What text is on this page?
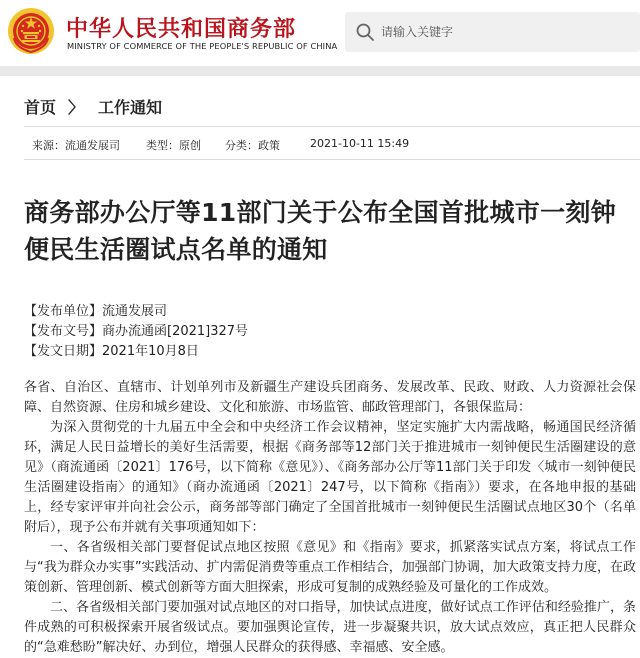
中华人民共和国商务部
MINISTRY OF COMMERCE OF THE PEOPLE'S REPUBLIC OF CHINA
请输入关键字
首页 〉 工作通知
来源：流通发展司 类型：原创 分类：政策	2021-10-11 15:49
商务部办公厅等11部门关于公布全国首批城市一刻钟便民生活圈试点名单的通知
【发布单位】流通发展司
【发布文号】商办流通函[2021]327号
【发文日期】2021年10月8日

各省、自治区、直辖市、计划单列市及新疆生产建设兵团商务、发展改革、民政、财政、人力资源社会保障、自然资源、住房和城乡建设、文化和旅游、市场监管、邮政管理部门，各银保监局：

为深入贯彻党的十九届五中全会和中央经济工作会议精神，坚定实施扩大内需战略，畅通国民经济循环，满足人民日益增长的美好生活需要，根据《商务部等12部门关于推进城市一刻钟便民生活圈建设的意见》（商流通函〔2021〕176号，以下简称《意见》）、《商务部办公厅等11部门关于印发〈城市一刻钟便民生活圈建设指南〉的通知》（商办流通函〔2021〕247号，以下简称《指南》）要求，在各地申报的基础上，经专家评审并向社会公示，商务部等部门确定了全国首批城市一刻钟便民生活圈试点地区30个（名单附后），现予公布并就有关事项通知如下：

一、各省级相关部门要督促试点地区按照《意见》和《指南》要求，抓紧落实试点方案，将试点工作与“我为群众办实事”实践活动、扩内需促消费等重点工作相结合，加强部门协调，加大政策支持力度，在政策创新、管理创新、模式创新等方面大胆探索，形成可复制的成熟经验及可量化的工作成效。

二、各省级相关部门要加强对试点地区的对口指导，加快试点进度，做好试点工作评估和经验推广，条件成熟的可积极探索开展省级试点。要加强舆论宣传，进一步凝聚共识，放大试点效应，真正把人民群众的“急难愁盼”解决好、办到位，增强人民群众的获得感、幸福感、安全感。
